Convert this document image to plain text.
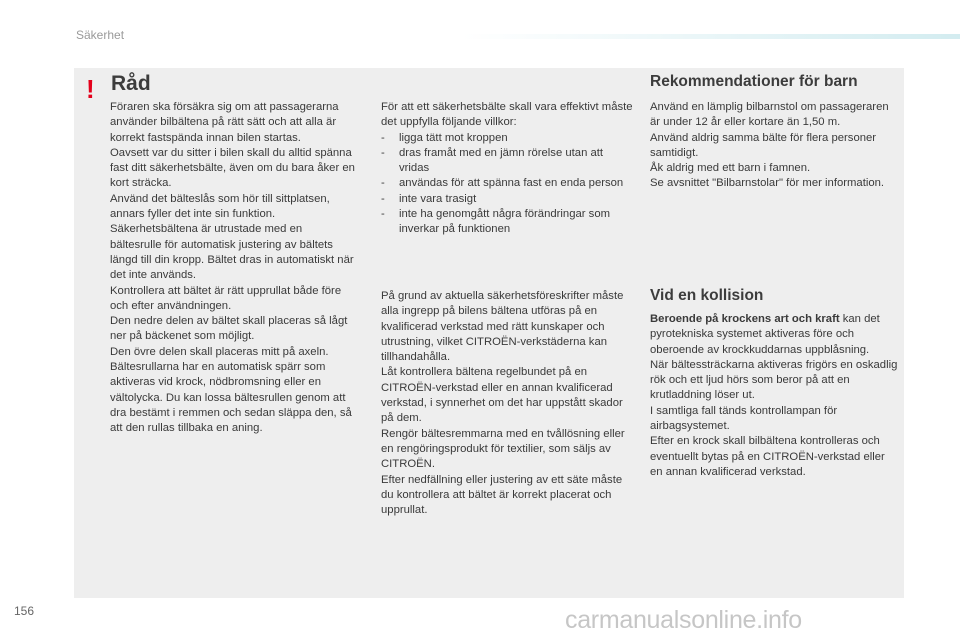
Säkerhet
! Råd

Föraren ska försäkra sig om att passagerarna använder bilbältena på rätt sätt och att alla är korrekt fastspända innan bilen startas.

Oavsett var du sitter i bilen skall du alltid spänna fast ditt säkerhetsbälte, även om du bara åker en kort sträcka.

Använd det bälteslås som hör till sittplatsen, annars fyller det inte sin funktion.

Säkerhetsbältena är utrustade med en bältesrulle för automatisk justering av bältets längd till din kropp. Bältet dras in automatiskt när det inte används.

Kontrollera att bältet är rätt upprullat både före och efter användningen.

Den nedre delen av bältet skall placeras så lågt ner på bäckenet som möjligt.

Den övre delen skall placeras mitt på axeln.

Bältesrullarna har en automatisk spärr som aktiveras vid krock, nödbromsning eller en vältolycka. Du kan lossa bältesrullen genom att dra bestämt i remmen och sedan släppa den, så att den rullas tillbaka en aning.

För att ett säkerhetsbälte skall vara effektivt måste det uppfylla följande villkor:

-	ligga tätt mot kroppen
-	dras framåt med en jämn rörelse utan att vridas
-	användas för att spänna fast en enda person
-	inte vara trasigt
-	inte ha genomgått några förändringar som inverkar på funktionen

På grund av aktuella säkerhetsföreskrifter måste alla ingrepp på bilens bältena utföras på en kvalificerad verkstad med rätt kunskaper och utrustning, vilket CITROËN-verkstäderna kan tillhandahålla.

Låt kontrollera bältena regelbundet på en CITROËN-verkstad eller en annan kvalificerad verkstad, i synnerhet om det har uppstått skador på dem.

Rengör bältesremmarna med en tvållösning eller en rengöringsprodukt för textilier, som säljs av CITROËN.

Efter nedfällning eller justering av ett säte måste du kontrollera att bältet är korrekt placerat och upprullat.

Rekommendationer för barn

Använd en lämplig bilbarnstol om passageraren är under 12 år eller kortare än 1,50 m.

Använd aldrig samma bälte för flera personer samtidigt.

Åk aldrig med ett barn i famnen.

Se avsnittet "Bilbarnstolar" för mer information.

Vid en kollision

Beroende på krockens art och kraft kan det pyrotekniska systemet aktiveras före och oberoende av krockkuddarnas uppblåsning.

När bältessträckarna aktiveras frigörs en oskadlig rök och ett ljud hörs som beror på att en krutladdning löser ut.

I samtliga fall tänds kontrollampan för airbagsystemet.

Efter en krock skall bilbältena kontrolleras och eventuellt bytas på en CITROËN-verkstad eller en annan kvalificerad verkstad.

156	carmanualsonline.info
